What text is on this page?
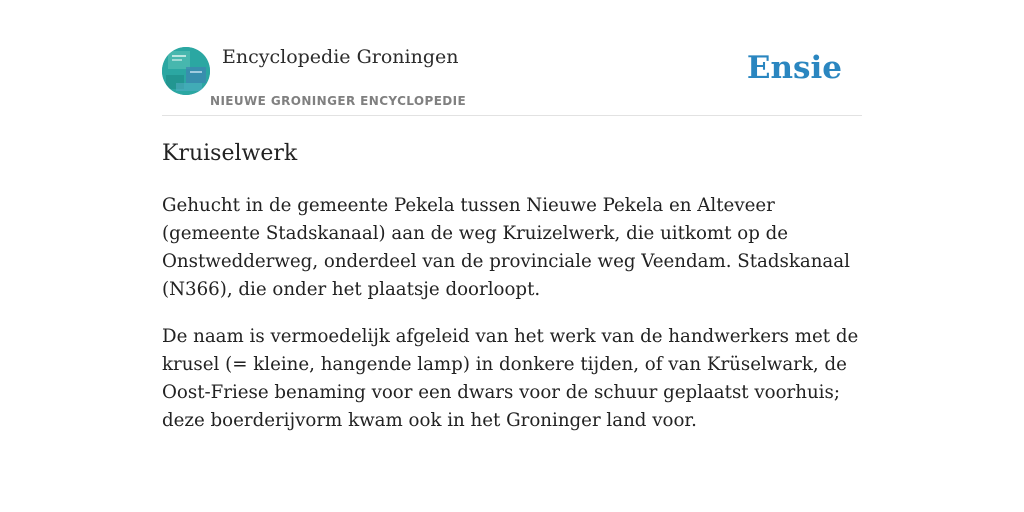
Encyclopedie Groningen
NIEUWE GRONINGER ENCYCLOPEDIE
Ensie
Kruiselwerk

Gehucht in de gemeente Pekela tussen Nieuwe Pekela en Alteveer (gemeente Stadskanaal) aan de weg Kruizelwerk, die uitkomt op de Onstwedderweg, onderdeel van de provinciale weg Veendam. Stadskanaal (N366), die onder het plaatsje doorloopt.

De naam is vermoedelijk afgeleid van het werk van de handwerkers met de krusel (= kleine, hangende lamp) in donkere tijden, of van Krüselwark, de Oost-Friese benaming voor een dwars voor de schuur geplaatst voorhuis; deze boerderijvorm kwam ook in het Groninger land voor.
